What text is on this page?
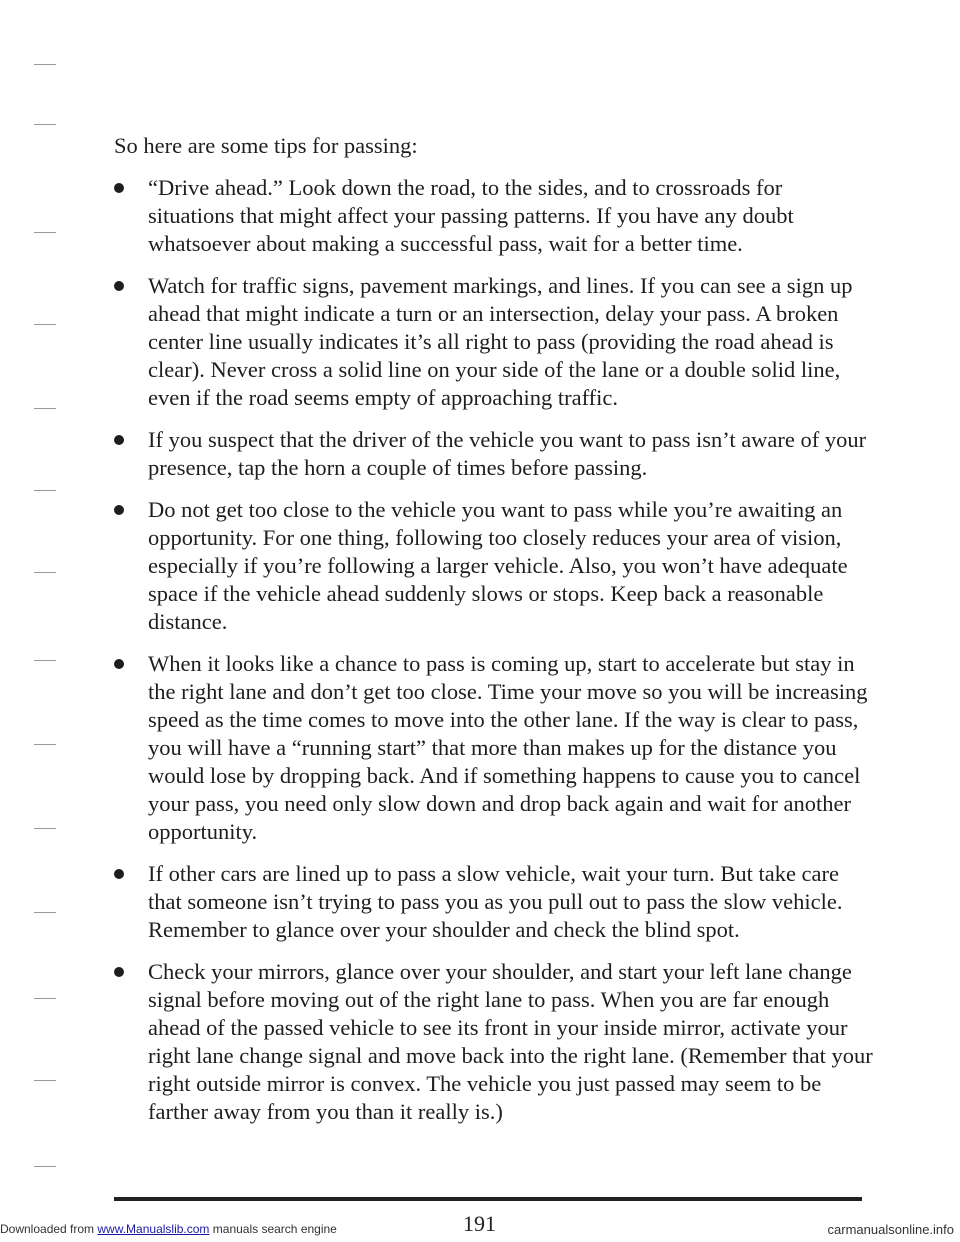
So here are some tips for passing:

“Drive ahead.” Look down the road, to the sides, and to crossroads for situations that might affect your passing patterns. If you have any doubt whatsoever about making a successful pass, wait for a better time.
Watch for traffic signs, pavement markings, and lines. If you can see a sign up ahead that might indicate a turn or an intersection, delay your pass. A broken center line usually indicates it’s all right to pass (providing the road ahead is clear). Never cross a solid line on your side of the lane or a double solid line, even if the road seems empty of approaching traffic.
If you suspect that the driver of the vehicle you want to pass isn’t aware of your presence, tap the horn a couple of times before passing.
Do not get too close to the vehicle you want to pass while you’re awaiting an opportunity. For one thing, following too closely reduces your area of vision, especially if you’re following a larger vehicle. Also, you won’t have adequate space if the vehicle ahead suddenly slows or stops. Keep back a reasonable distance.
When it looks like a chance to pass is coming up, start to accelerate but stay in the right lane and don’t get too close. Time your move so you will be increasing speed as the time comes to move into the other lane. If the way is clear to pass, you will have a “running start” that more than makes up for the distance you would lose by dropping back. And if something happens to cause you to cancel your pass, you need only slow down and drop back again and wait for another opportunity.
If other cars are lined up to pass a slow vehicle, wait your turn. But take care that someone isn’t trying to pass you as you pull out to pass the slow vehicle. Remember to glance over your shoulder and check the blind spot.
Check your mirrors, glance over your shoulder, and start your left lane change signal before moving out of the right lane to pass. When you are far enough ahead of the passed vehicle to see its front in your inside mirror, activate your right lane change signal and move back into the right lane. (Remember that your right outside mirror is convex. The vehicle you just passed may seem to be farther away from you than it really is.)
Downloaded from www.Manualslib.com manuals search engine	191	carmanualsonline.info
